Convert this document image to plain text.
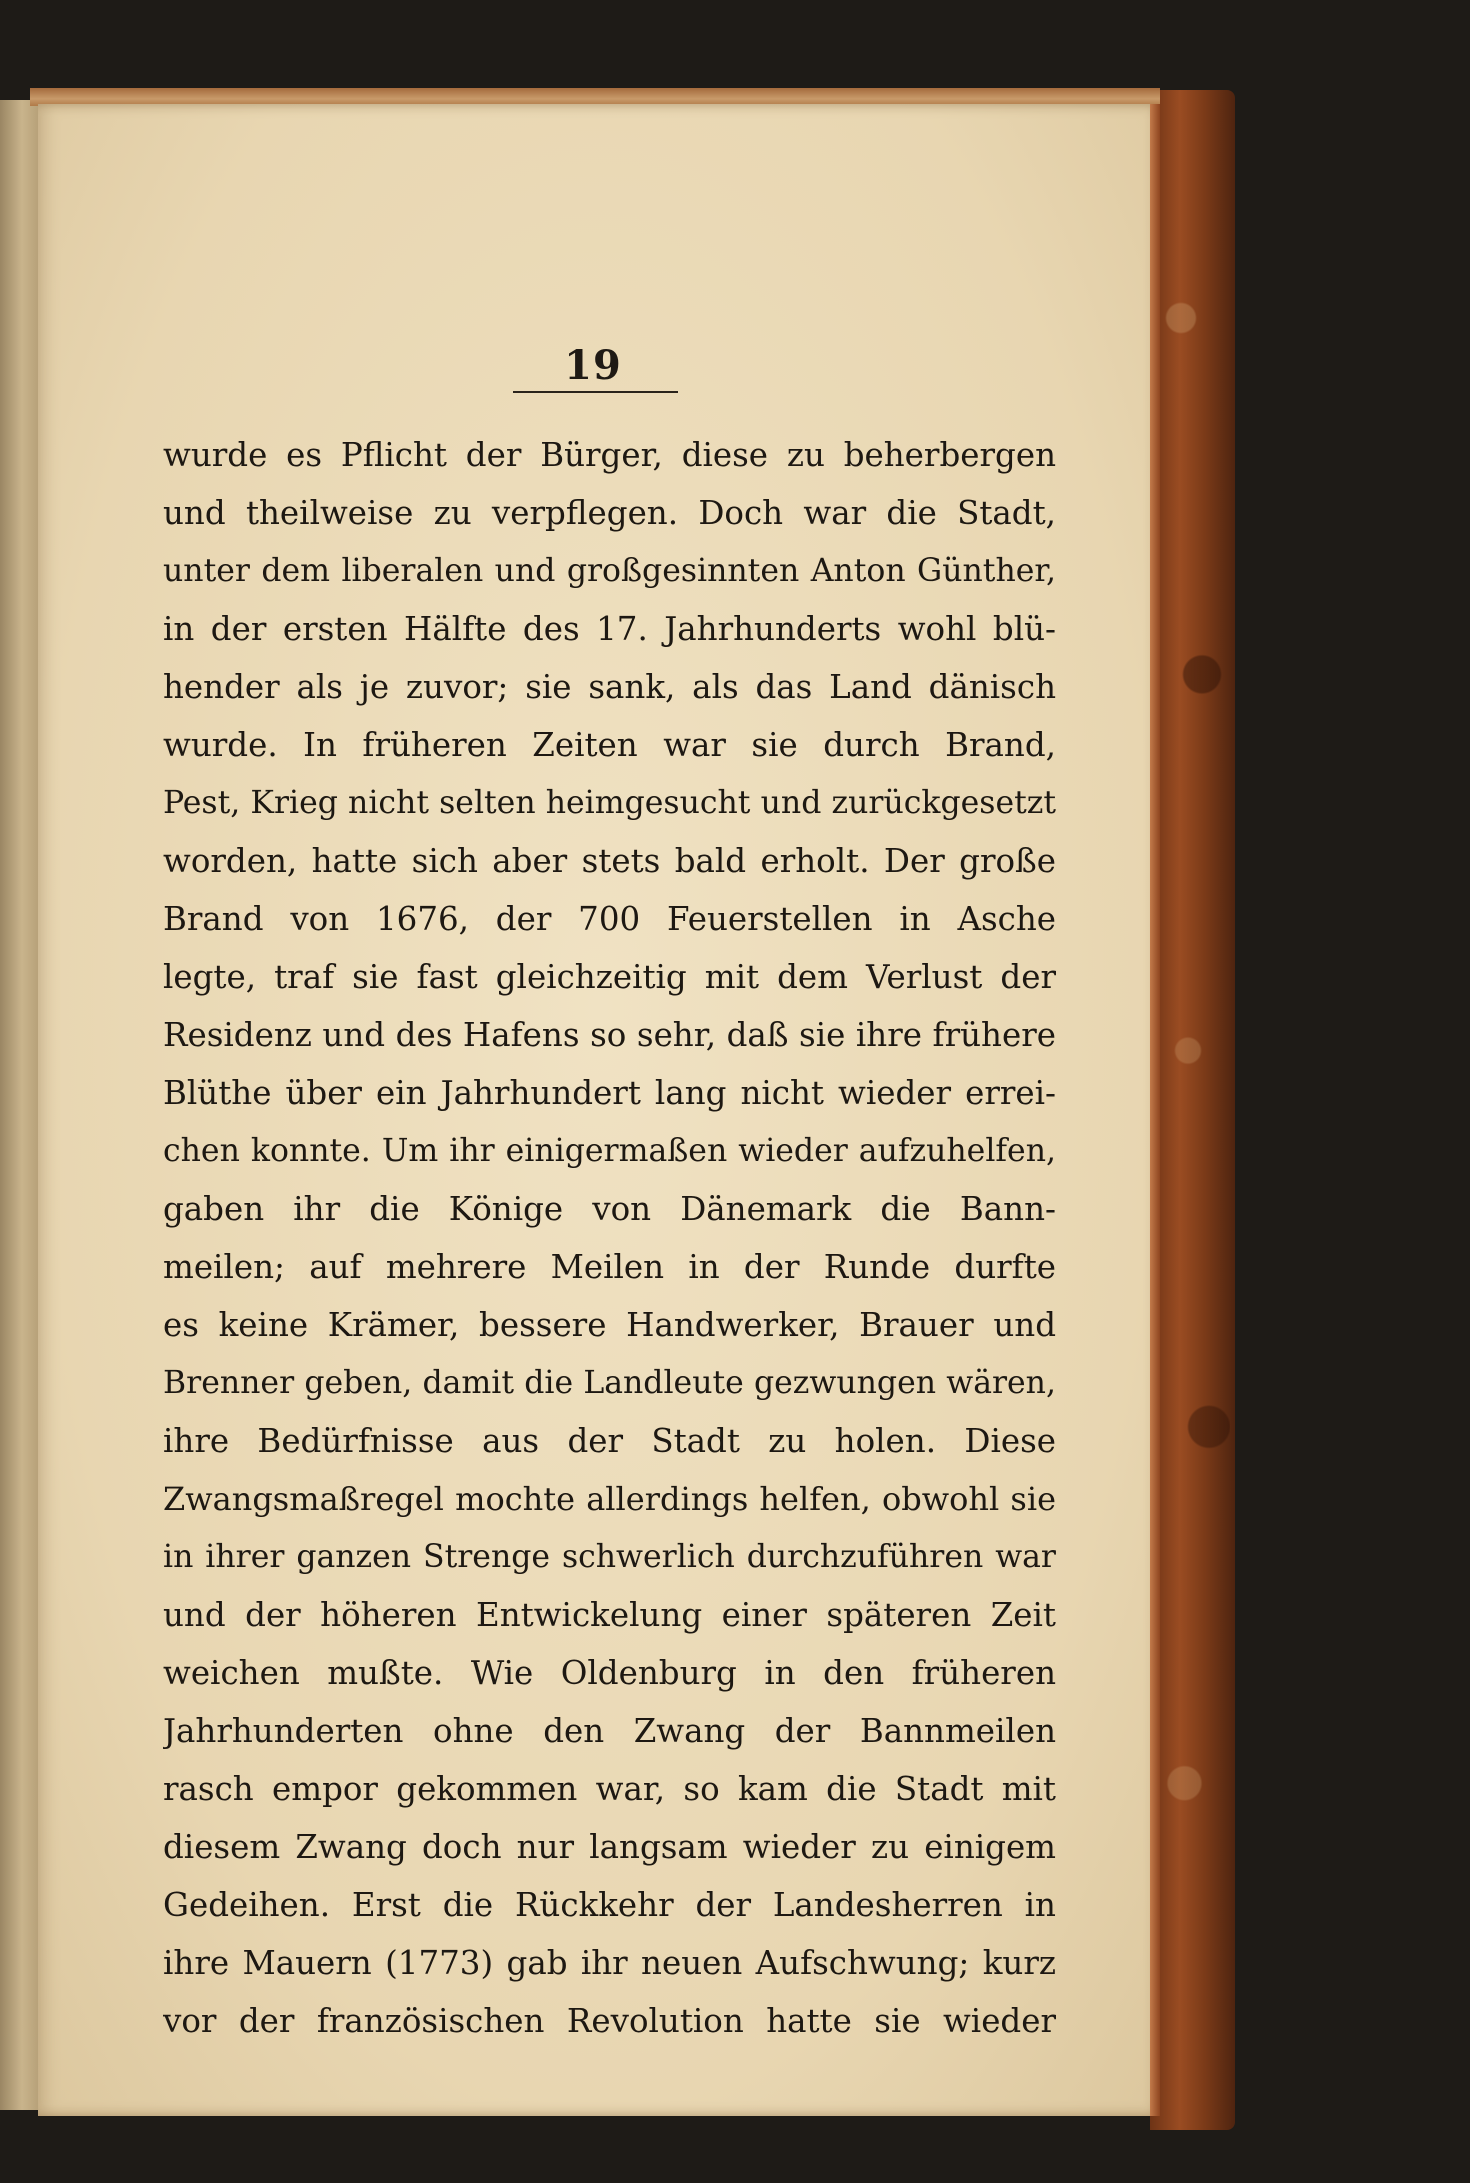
19
wurde es Pflicht der Bürger, diese zu beherbergen
und theilweise zu verpflegen. Doch war die Stadt,
unter dem liberalen und großgesinnten Anton Günther,
in der ersten Hälfte des 17. Jahrhunderts wohl blü-
hender als je zuvor; sie sank, als das Land dänisch
wurde. In früheren Zeiten war sie durch Brand,
Pest, Krieg nicht selten heimgesucht und zurückgesetzt
worden, hatte sich aber stets bald erholt. Der große
Brand von 1676, der 700 Feuerstellen in Asche
legte, traf sie fast gleichzeitig mit dem Verlust der
Residenz und des Hafens so sehr, daß sie ihre frühere
Blüthe über ein Jahrhundert lang nicht wieder errei-
chen konnte. Um ihr einigermaßen wieder aufzuhelfen,
gaben ihr die Könige von Dänemark die Bann-
meilen; auf mehrere Meilen in der Runde durfte
es keine Krämer, bessere Handwerker, Brauer und
Brenner geben, damit die Landleute gezwungen wären,
ihre Bedürfnisse aus der Stadt zu holen. Diese
Zwangsmaßregel mochte allerdings helfen, obwohl sie
in ihrer ganzen Strenge schwerlich durchzuführen war
und der höheren Entwickelung einer späteren Zeit
weichen mußte. Wie Oldenburg in den früheren
Jahrhunderten ohne den Zwang der Bannmeilen
rasch empor gekommen war, so kam die Stadt mit
diesem Zwang doch nur langsam wieder zu einigem
Gedeihen. Erst die Rückkehr der Landesherren in
ihre Mauern (1773) gab ihr neuen Aufschwung; kurz
vor der französischen Revolution hatte sie wieder
